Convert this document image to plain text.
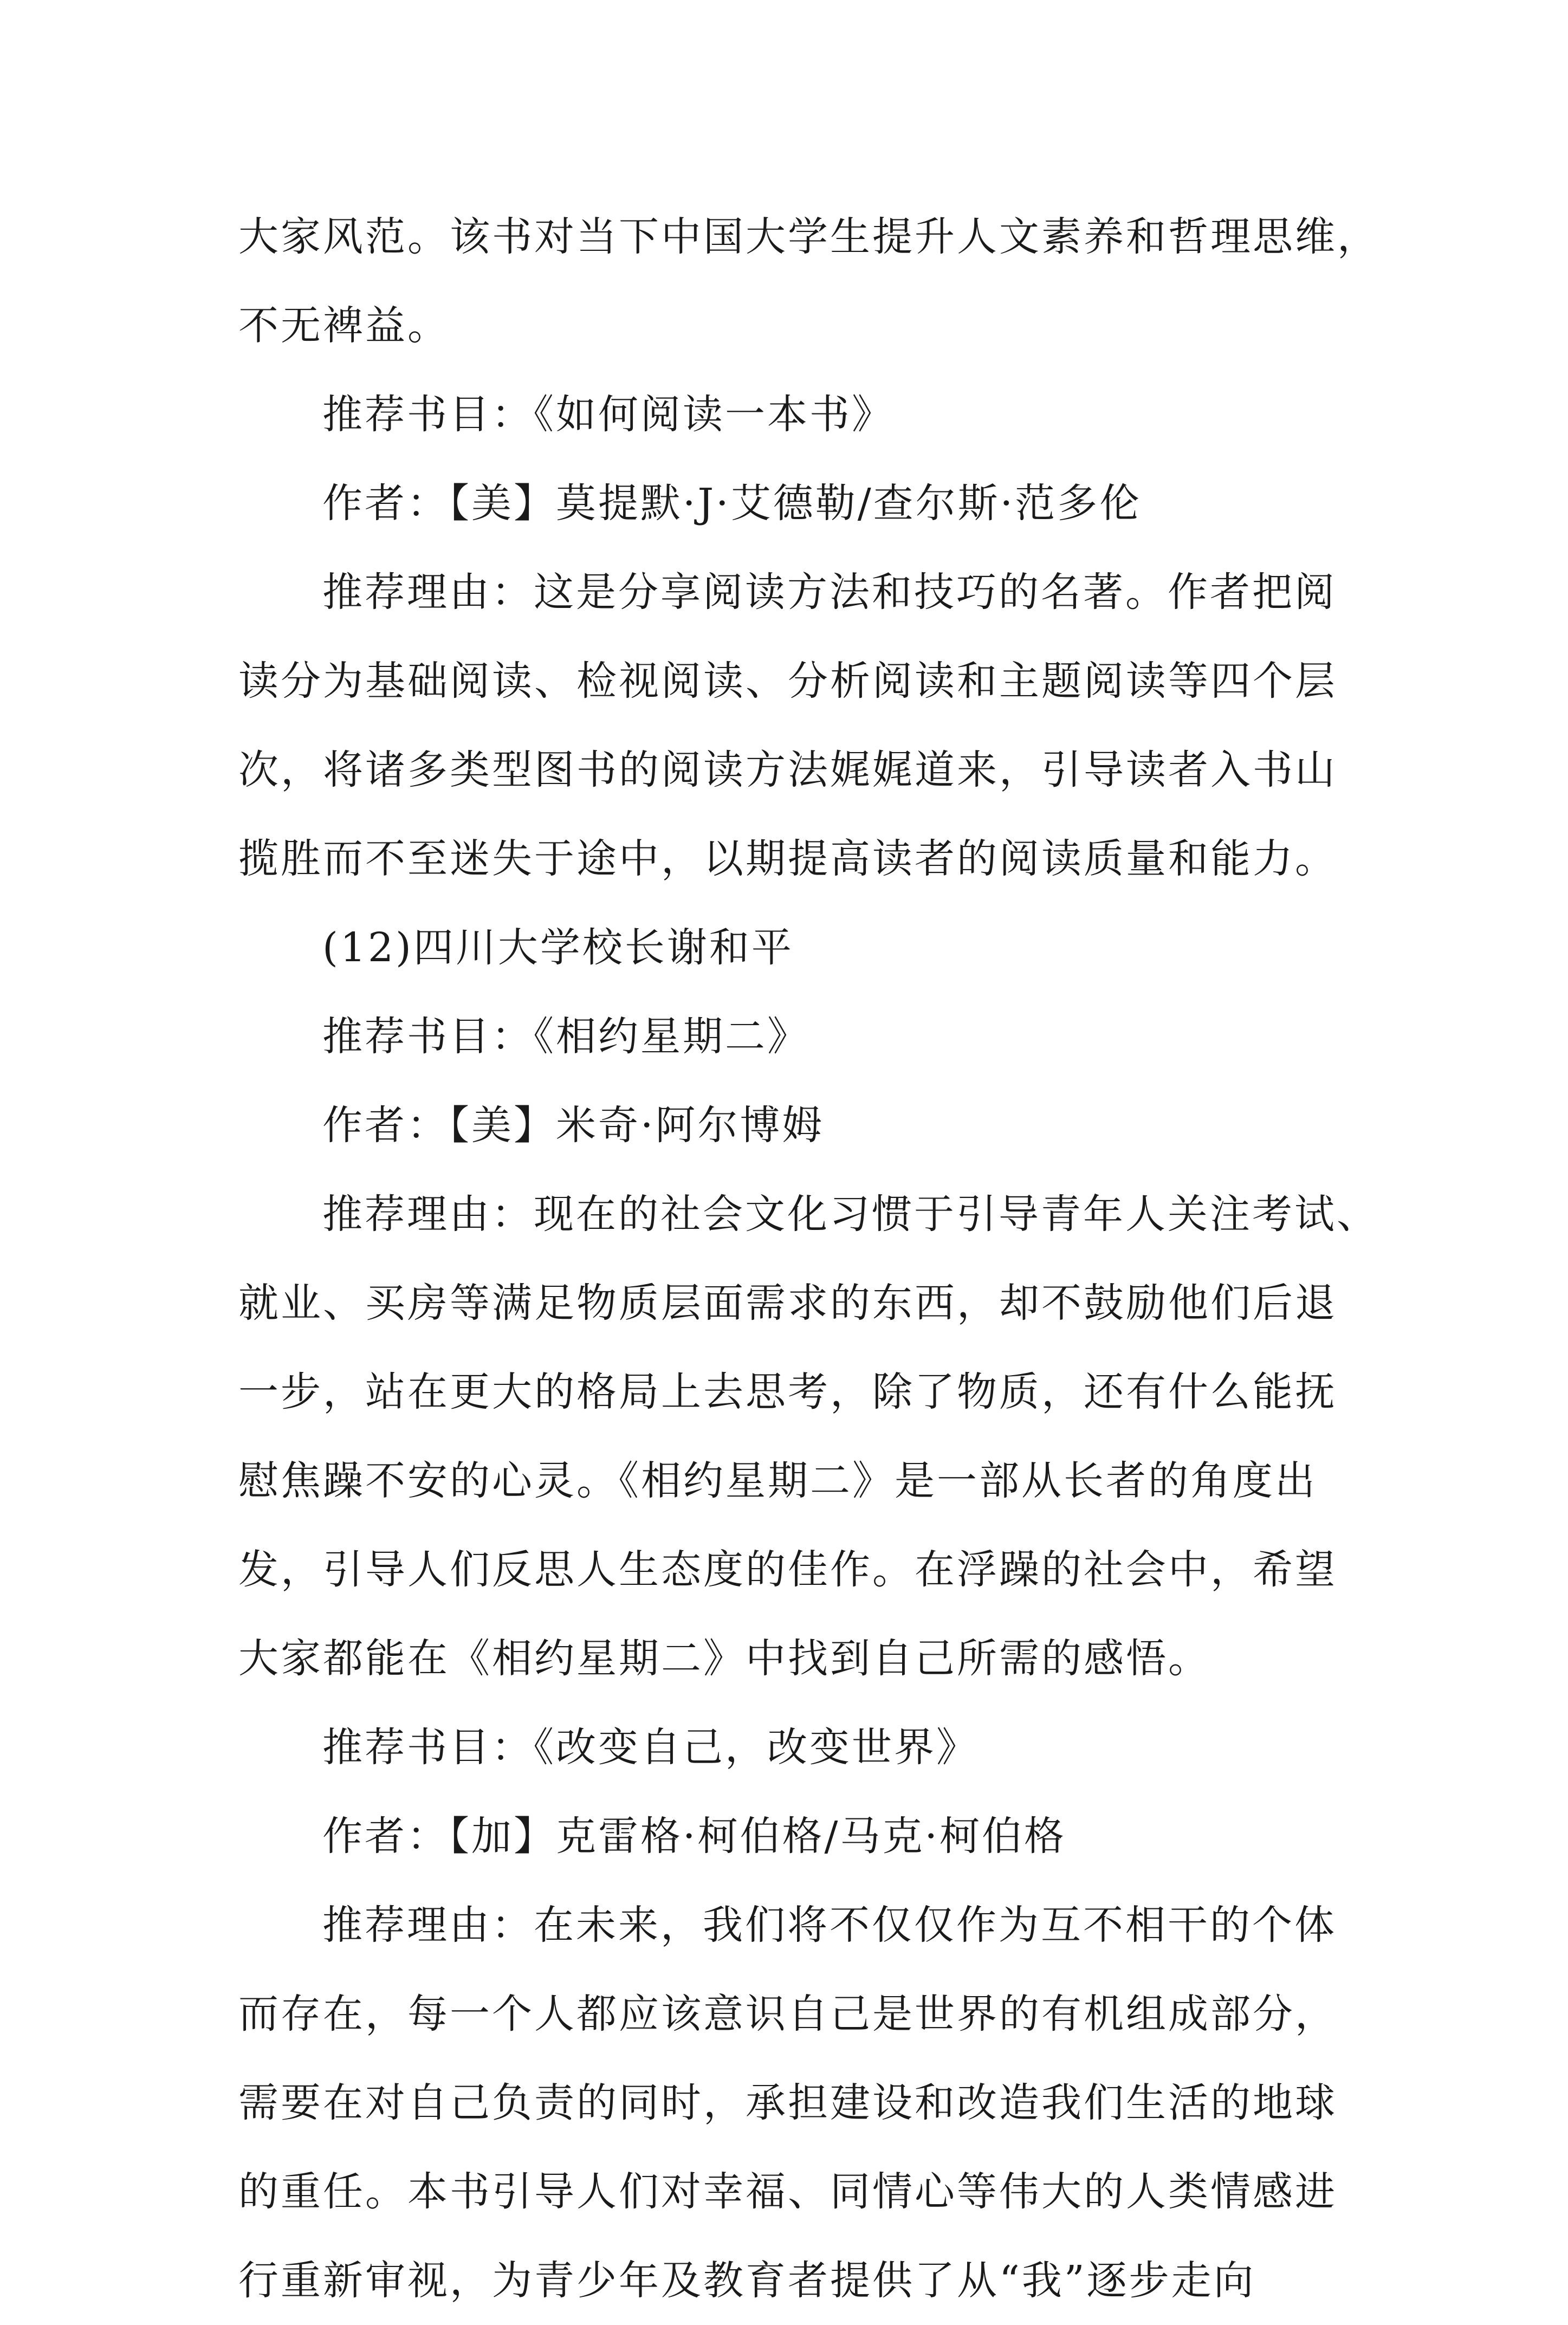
大家风范。该书对当下中国大学生提升人文素养和哲理思维，
不无裨益。
推荐书目：《如何阅读一本书》
作者：【美】莫提默·J·艾德勒/查尔斯·范多伦
推荐理由：这是分享阅读方法和技巧的名著。作者把阅
读分为基础阅读、检视阅读、分析阅读和主题阅读等四个层
次，将诸多类型图书的阅读方法娓娓道来，引导读者入书山
揽胜而不至迷失于途中，以期提高读者的阅读质量和能力。
(12)四川大学校长谢和平
推荐书目：《相约星期二》
作者：【美】米奇·阿尔博姆
推荐理由：现在的社会文化习惯于引导青年人关注考试、
就业、买房等满足物质层面需求的东西，却不鼓励他们后退
一步，站在更大的格局上去思考，除了物质，还有什么能抚
慰焦躁不安的心灵。《相约星期二》是一部从长者的角度出
发，引导人们反思人生态度的佳作。在浮躁的社会中，希望
大家都能在《相约星期二》中找到自己所需的感悟。
推荐书目：《改变自己，改变世界》
作者：【加】克雷格·柯伯格/马克·柯伯格
推荐理由：在未来，我们将不仅仅作为互不相干的个体
而存在，每一个人都应该意识自己是世界的有机组成部分，
需要在对自己负责的同时，承担建设和改造我们生活的地球
的重任。本书引导人们对幸福、同情心等伟大的人类情感进
行重新审视，为青少年及教育者提供了从“我”逐步走向
